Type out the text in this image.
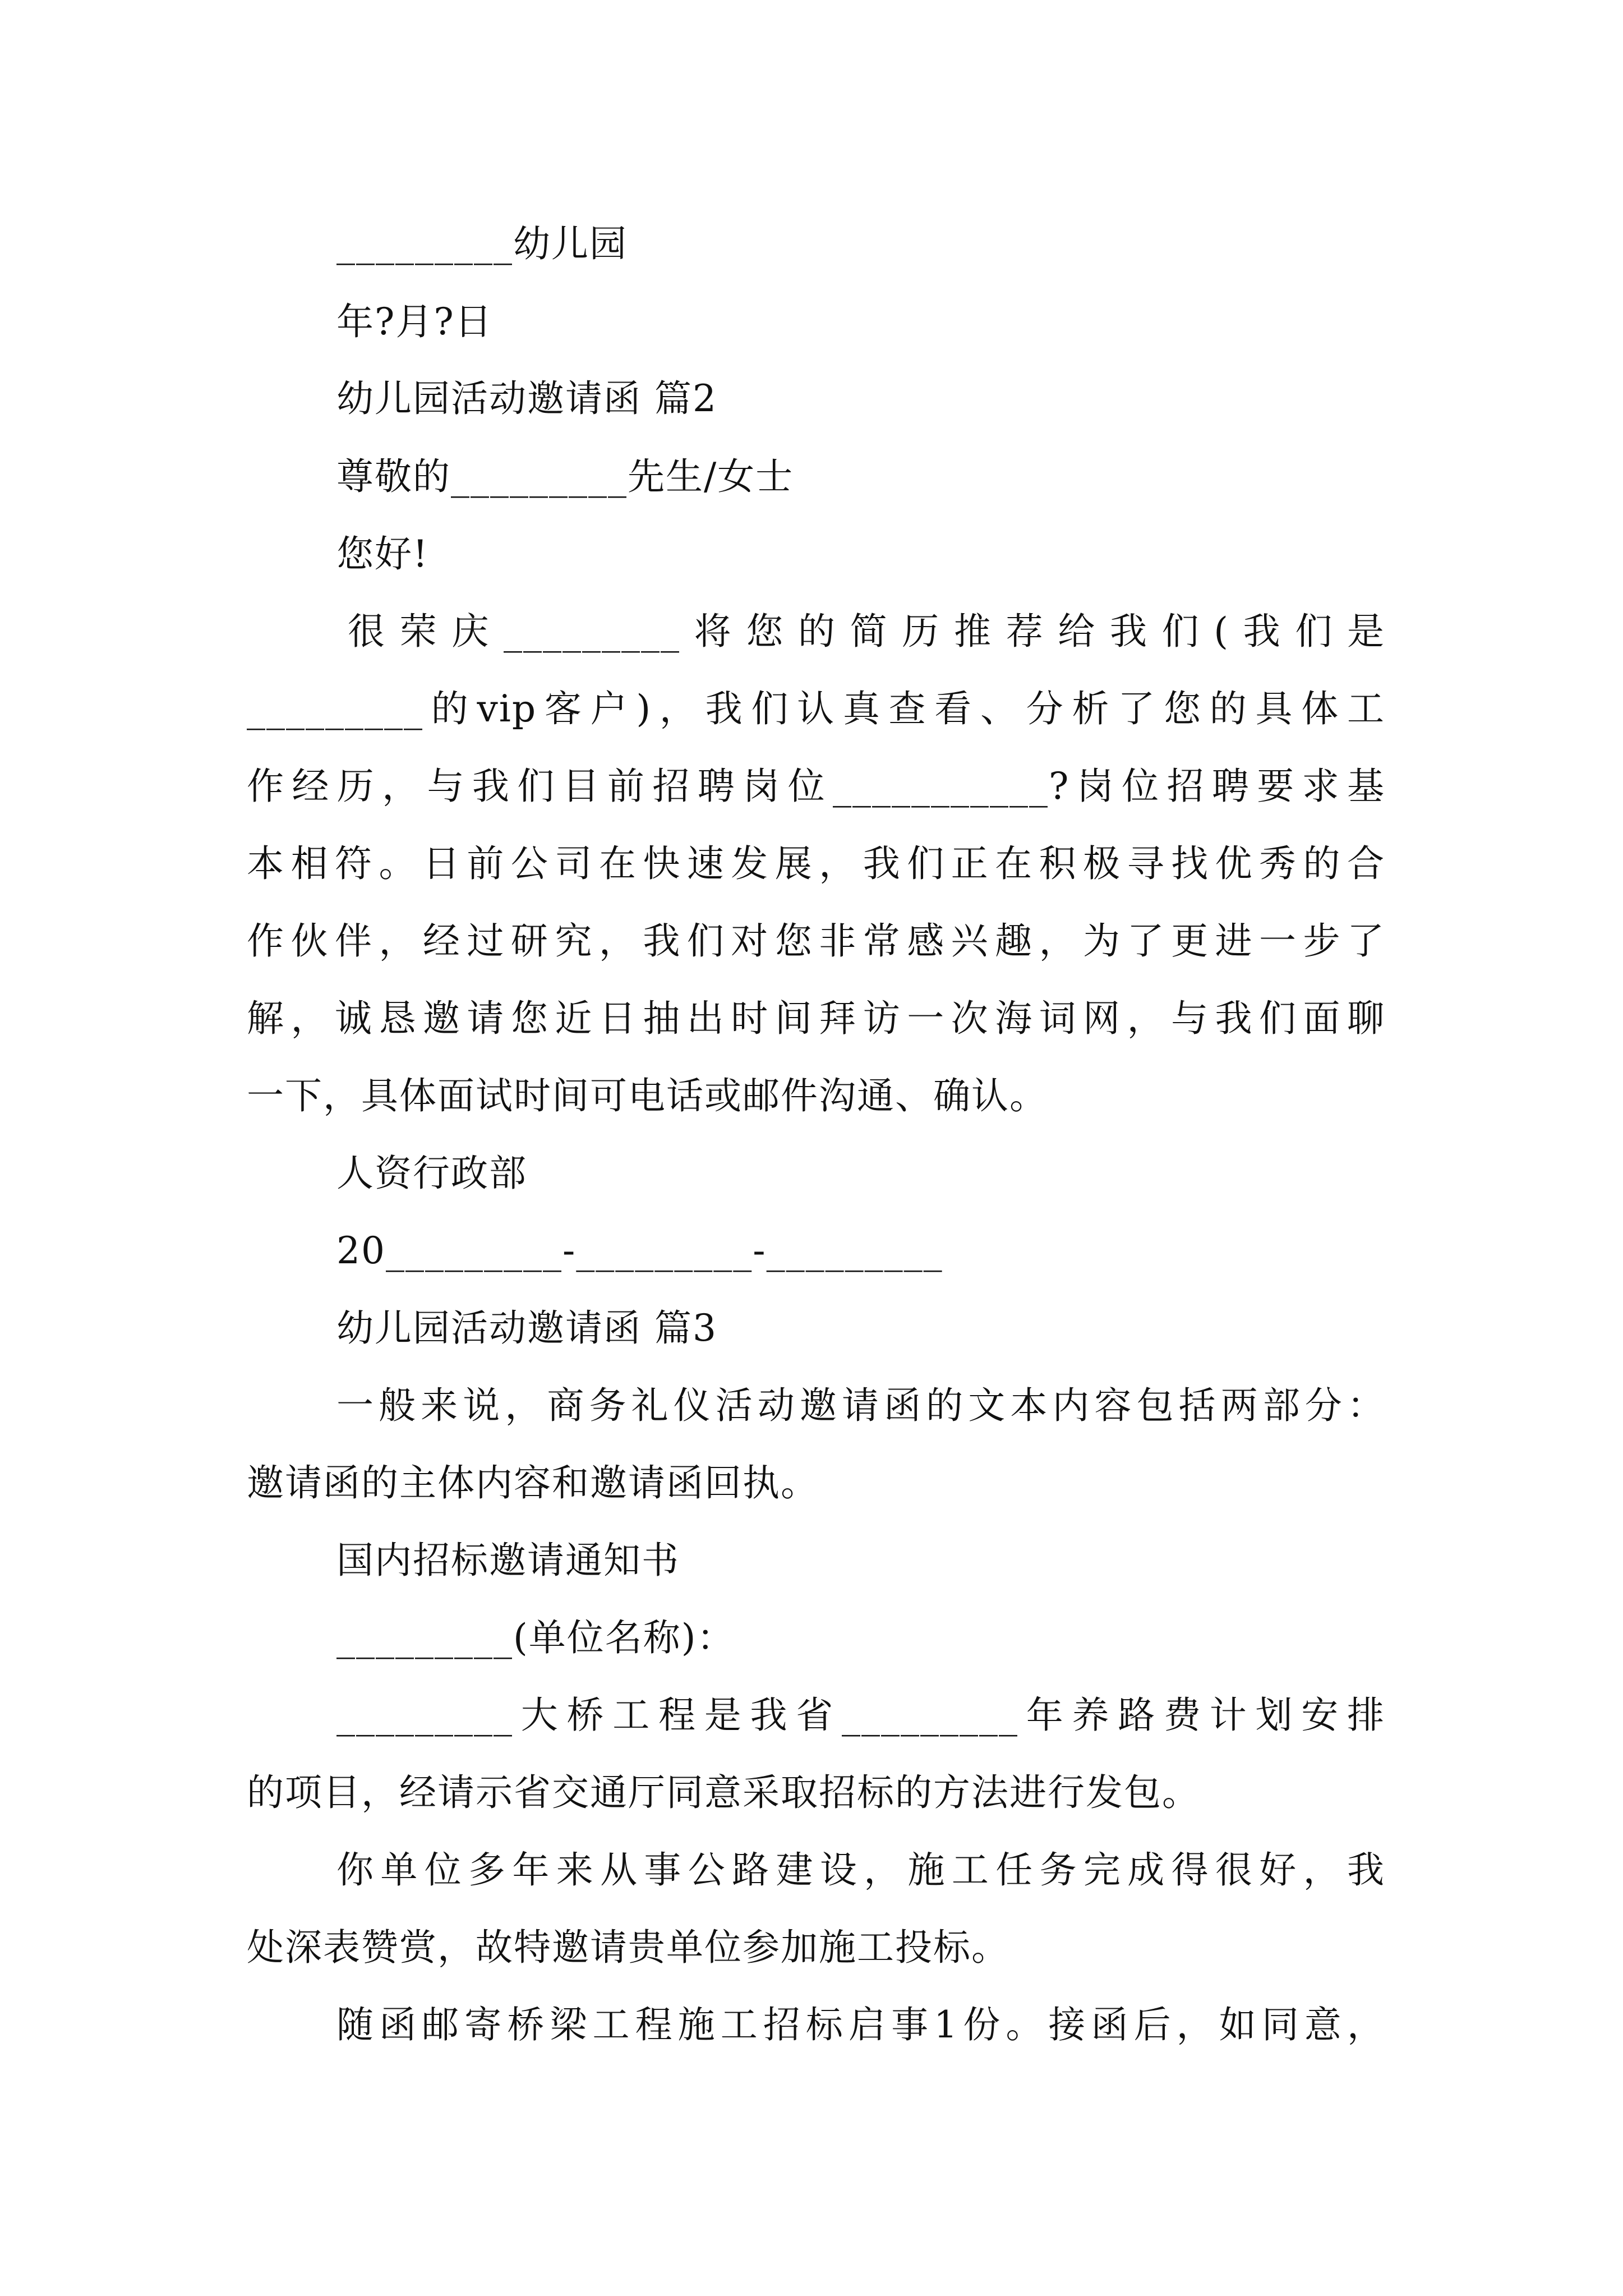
_________幼儿园
年?月?日
幼儿园活动邀请函 篇2
尊敬的_________先生/女士
您好!
很荣庆_________将您的简历推荐给我们(我们是
_________的vip客户)，我们认真查看、分析了您的具体工
作经历，与我们目前招聘岗位___________?岗位招聘要求基
本相符。日前公司在快速发展，我们正在积极寻找优秀的合
作伙伴，经过研究，我们对您非常感兴趣，为了更进一步了
解，诚恳邀请您近日抽出时间拜访一次海词网，与我们面聊
一下，具体面试时间可电话或邮件沟通、确认。
人资行政部
20_________-_________-_________
幼儿园活动邀请函 篇3
一般来说，商务礼仪活动邀请函的文本内容包括两部分：
邀请函的主体内容和邀请函回执。
国内招标邀请通知书
_________(单位名称)：
_________大桥工程是我省_________年养路费计划安排
的项目，经请示省交通厅同意采取招标的方法进行发包。
你单位多年来从事公路建设，施工任务完成得很好，我
处深表赞赏，故特邀请贵单位参加施工投标。
随函邮寄桥梁工程施工招标启事1份。接函后，如同意，
